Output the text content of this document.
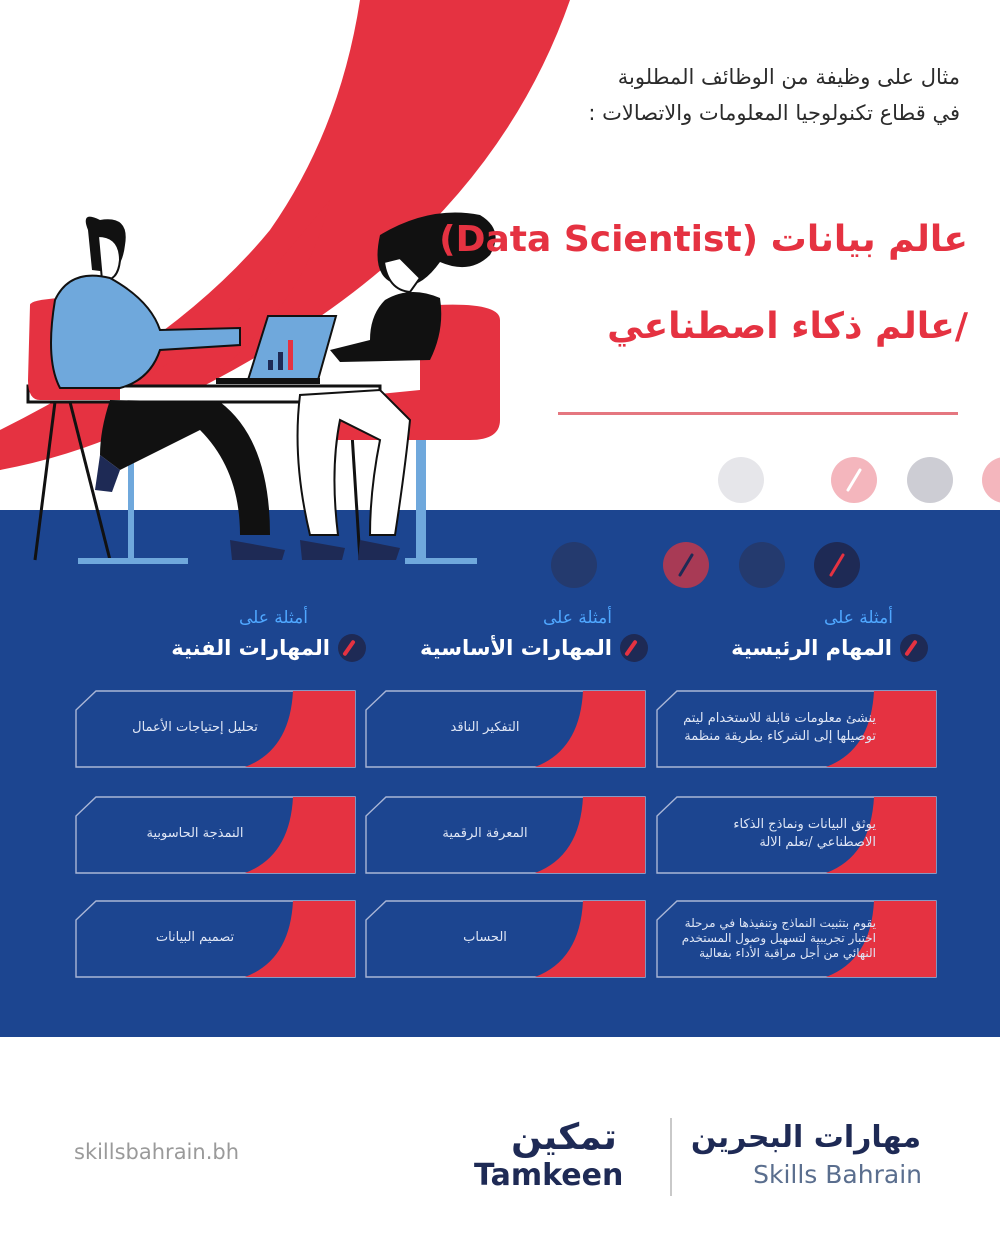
مثال على وظيفة من الوظائف المطلوبة
في قطاع تكنولوجيا المعلومات والاتصالات :
عالم بيانات (Data Scientist)
/عالم ذكاء اصطناعي
أمثلة على
المهام الرئيسية
أمثلة على
المهارات الأساسية
أمثلة على
المهارات الفنية
ينشئ معلومات قابلة للاستخدام ليتم توصيلها إلى الشركاء بطريقة منظمة
يوثق البيانات ونماذج الذكاء الاصطناعي /تعلم الالة
يقوم بتثبيت النماذج وتنفيذها في مرحلة اختبار تجريبية لتسهيل وصول المستخدم النهائي من أجل مراقبة الأداء بفعالية
التفكير الناقد
المعرفة الرقمية
الحساب
تحليل إحتياجات الأعمال
النمذجة الحاسوبية
تصميم البيانات
skillsbahrain.bh	تمكين
Tamkeen
مهارات البحرين
Skills Bahrain
